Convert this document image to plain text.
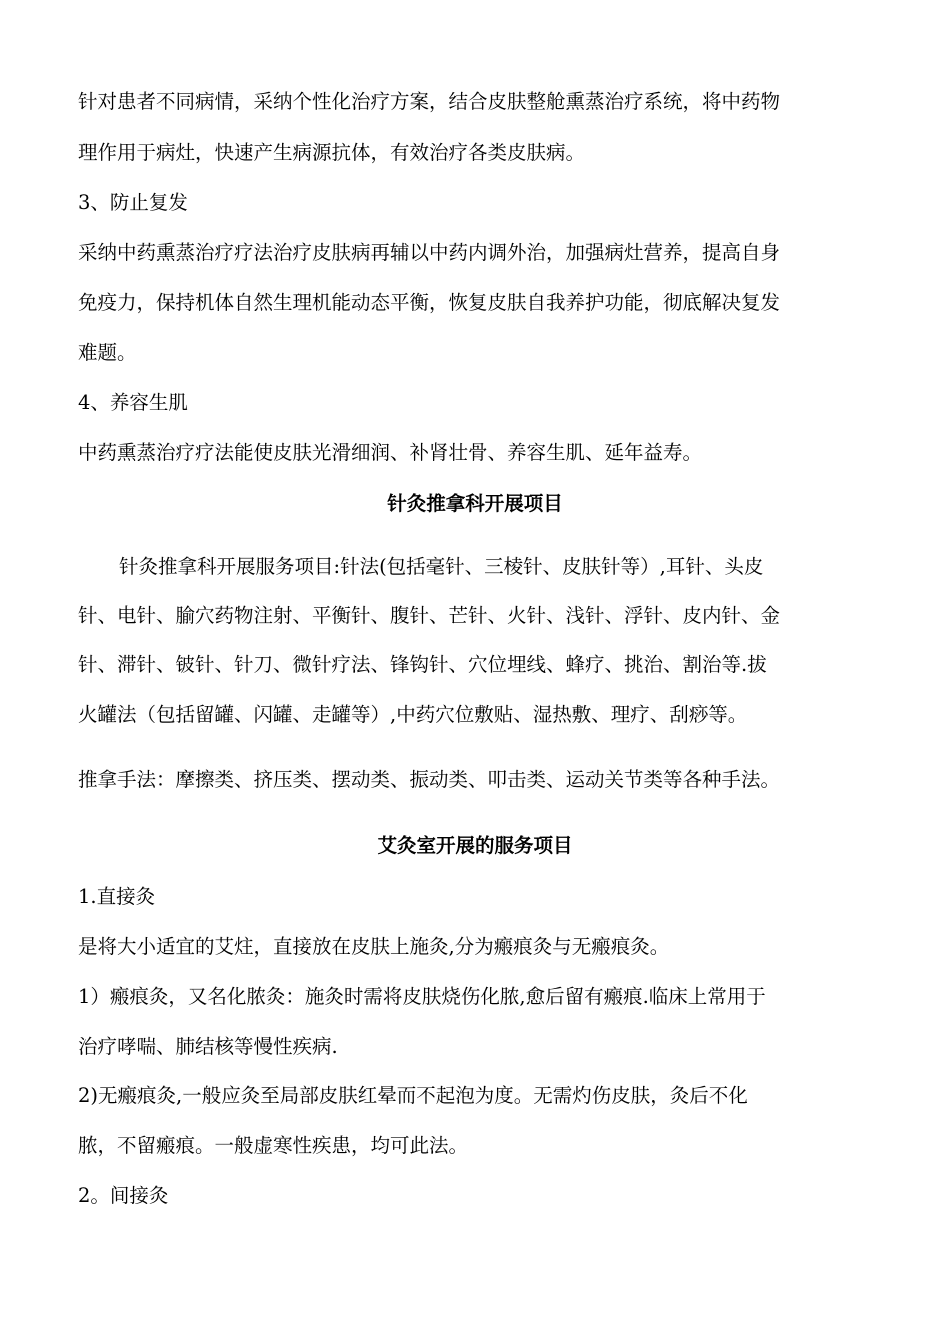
针对患者不同病情，采纳个性化治疗方案，结合皮肤整舱熏蒸治疗系统，将中药物
理作用于病灶，快速产生病源抗体，有效治疗各类皮肤病。
3、防止复发
采纳中药熏蒸治疗疗法治疗皮肤病再辅以中药内调外治，加强病灶营养，提高自身
免疫力，保持机体自然生理机能动态平衡，恢复皮肤自我养护功能，彻底解决复发
难题。
4、养容生肌
中药熏蒸治疗疗法能使皮肤光滑细润、补肾壮骨、养容生肌、延年益寿。
针灸推拿科开展项目
针灸推拿科开展服务项目:针法(包括毫针、三棱针、皮肤针等）,耳针、头皮
针、电针、腧穴药物注射、平衡针、腹针、芒针、火针、浅针、浮针、皮内针、金
针、滞针、铍针、针刀、微针疗法、锋钩针、穴位埋线、蜂疗、挑治、割治等.拔
火罐法（包括留罐、闪罐、走罐等）,中药穴位敷贴、湿热敷、理疗、刮痧等。
推拿手法：摩擦类、挤压类、摆动类、振动类、叩击类、运动关节类等各种手法。
艾灸室开展的服务项目
1.直接灸
是将大小适宜的艾炷，直接放在皮肤上施灸,分为瘢痕灸与无瘢痕灸。
1）瘢痕灸，又名化脓灸：施灸时需将皮肤烧伤化脓,愈后留有瘢痕.临床上常用于
治疗哮喘、肺结核等慢性疾病.
2)无瘢痕灸,一般应灸至局部皮肤红晕而不起泡为度。无需灼伤皮肤，灸后不化
脓，不留瘢痕。一般虚寒性疾患，均可此法。
2。间接灸
